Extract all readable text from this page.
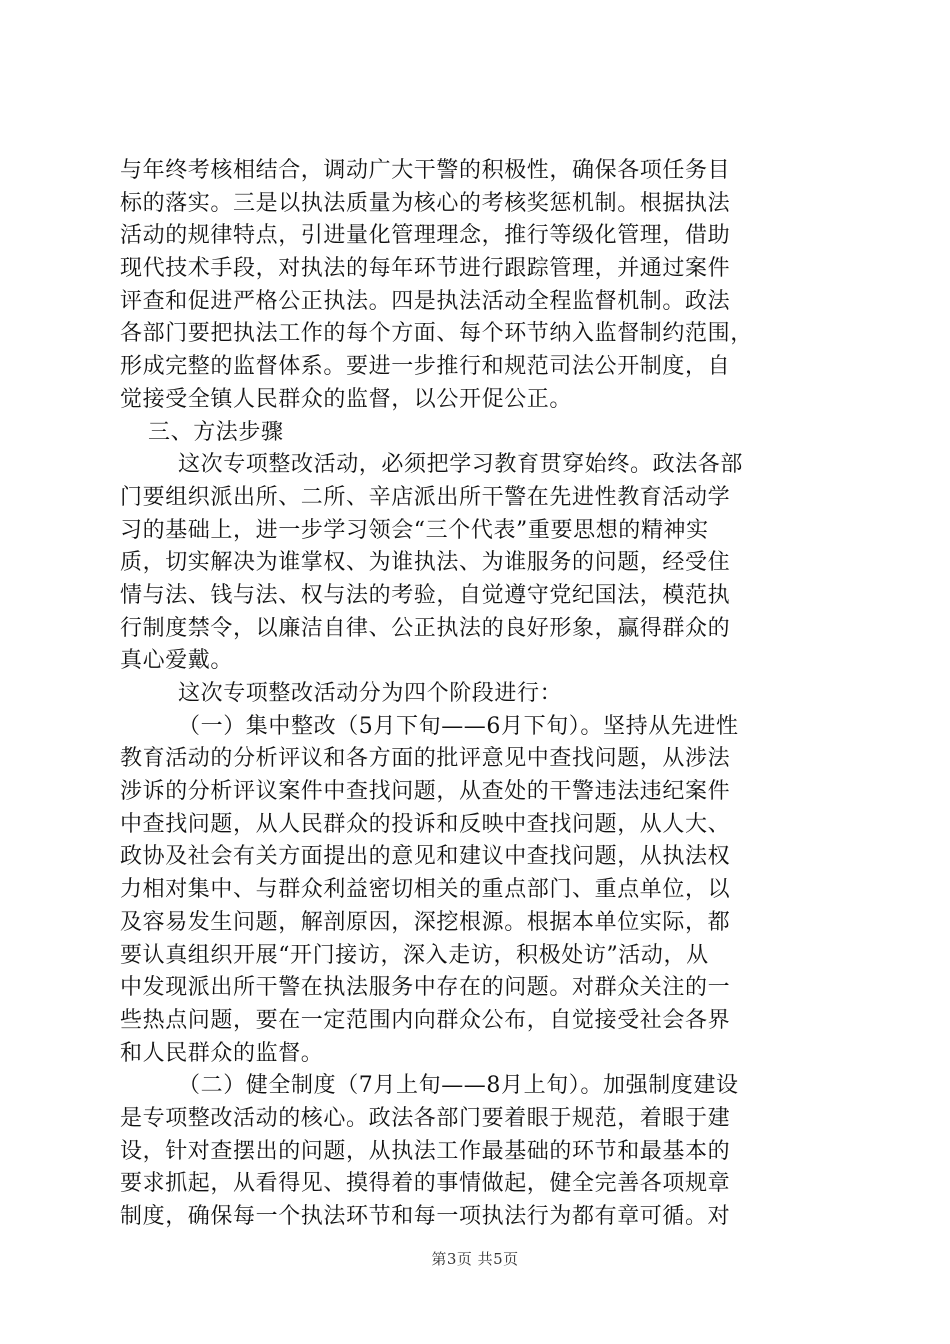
与年终考核相结合，调动广大干警的积极性，确保各项任务目
标的落实。三是以执法质量为核心的考核奖惩机制。根据执法
活动的规律特点，引进量化管理理念，推行等级化管理，借助
现代技术手段，对执法的每年环节进行跟踪管理，并通过案件
评查和促进严格公正执法。四是执法活动全程监督机制。政法
各部门要把执法工作的每个方面、每个环节纳入监督制约范围，
形成完整的监督体系。要进一步推行和规范司法公开制度，自
觉接受全镇人民群众的监督，以公开促公正。
三、方法步骤
这次专项整改活动，必须把学习教育贯穿始终。政法各部
门要组织派出所、二所、辛店派出所干警在先进性教育活动学
习的基础上，进一步学习领会“三个代表”重要思想的精神实
质，切实解决为谁掌权、为谁执法、为谁服务的问题，经受住
情与法、钱与法、权与法的考验，自觉遵守党纪国法，模范执
行制度禁令，以廉洁自律、公正执法的良好形象，赢得群众的
真心爱戴。
这次专项整改活动分为四个阶段进行：
（一）集中整改（5月下旬——6月下旬）。坚持从先进性
教育活动的分析评议和各方面的批评意见中查找问题，从涉法
涉诉的分析评议案件中查找问题，从查处的干警违法违纪案件
中查找问题，从人民群众的投诉和反映中查找问题，从人大、
政协及社会有关方面提出的意见和建议中查找问题，从执法权
力相对集中、与群众利益密切相关的重点部门、重点单位，以
及容易发生问题，解剖原因，深挖根源。根据本单位实际，都
要认真组织开展“开门接访，深入走访，积极处访”活动，从
中发现派出所干警在执法服务中存在的问题。对群众关注的一
些热点问题，要在一定范围内向群众公布，自觉接受社会各界
和人民群众的监督。
（二）健全制度（7月上旬——8月上旬）。加强制度建设
是专项整改活动的核心。政法各部门要着眼于规范，着眼于建
设，针对查摆出的问题，从执法工作最基础的环节和最基本的
要求抓起，从看得见、摸得着的事情做起，健全完善各项规章
制度，确保每一个执法环节和每一项执法行为都有章可循。对
第3页 共5页
